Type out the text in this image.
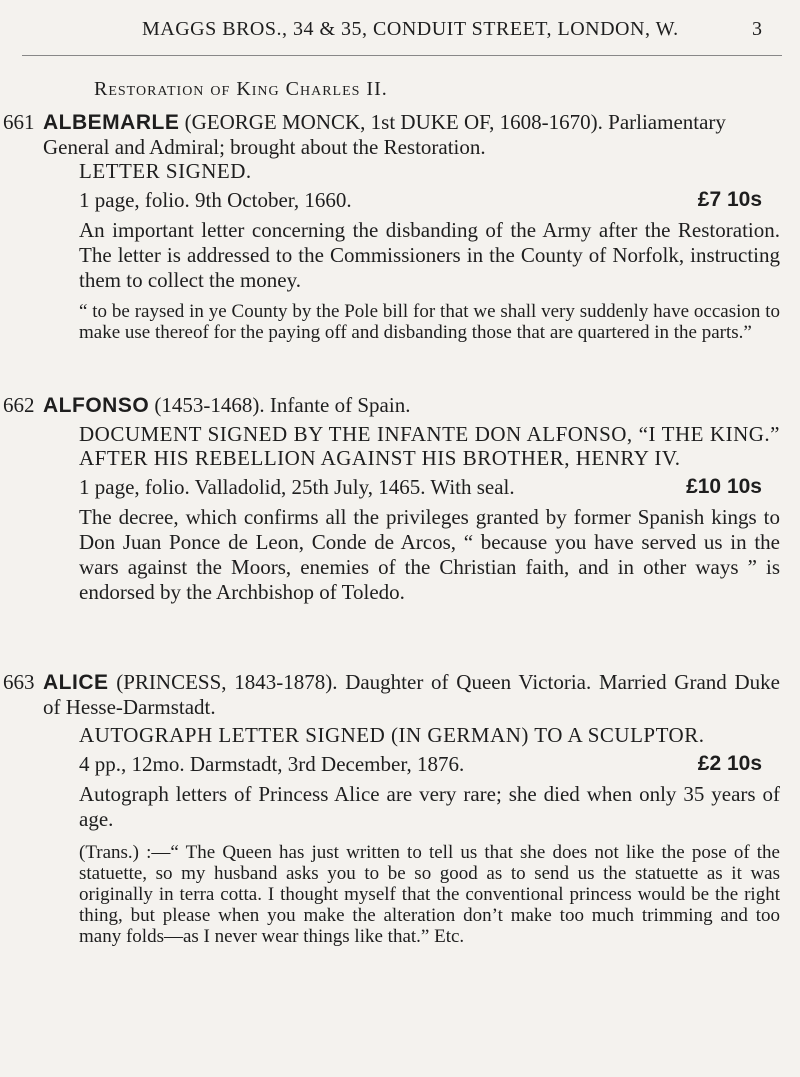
MAGGS BROS., 34 & 35, CONDUIT STREET, LONDON, W.	3
Restoration of King Charles II.
661 ALBEMARLE (GEORGE MONCK, 1st DUKE OF, 1608-1670). Parliamentary General and Admiral; brought about the Restoration.

LETTER SIGNED.

1 page, folio. 9th October, 1660.	£7 10s

An important letter concerning the disbanding of the Army after the Restoration. The letter is addressed to the Commissioners in the County of Norfolk, instructing them to collect the money.

“ to be raysed in ye County by the Pole bill for that we shall very suddenly have occasion to make use thereof for the paying off and disbanding those that are quartered in the parts.”

662 ALFONSO (1453-1468). Infante of Spain.

DOCUMENT SIGNED BY THE INFANTE DON ALFONSO, “I THE KING.” AFTER HIS REBELLION AGAINST HIS BROTHER, HENRY IV.

1 page, folio. Valladolid, 25th July, 1465. With seal.	£10 10s

The decree, which confirms all the privileges granted by former Spanish kings to Don Juan Ponce de Leon, Conde de Arcos, “ because you have served us in the wars against the Moors, enemies of the Christian faith, and in other ways ” is endorsed by the Archbishop of Toledo.

663 ALICE (PRINCESS, 1843-1878). Daughter of Queen Victoria. Married Grand Duke of Hesse-Darmstadt.

AUTOGRAPH LETTER SIGNED (IN GERMAN) TO A SCULPTOR.

4 pp., 12mo. Darmstadt, 3rd December, 1876.	£2 10s

Autograph letters of Princess Alice are very rare; she died when only 35 years of age.

(Trans.) :—“ The Queen has just written to tell us that she does not like the pose of the statuette, so my husband asks you to be so good as to send us the statuette as it was originally in terra cotta. I thought myself that the conventional princess would be the right thing, but please when you make the alteration don’t make too much trimming and too many folds—as I never wear things like that.” Etc.
